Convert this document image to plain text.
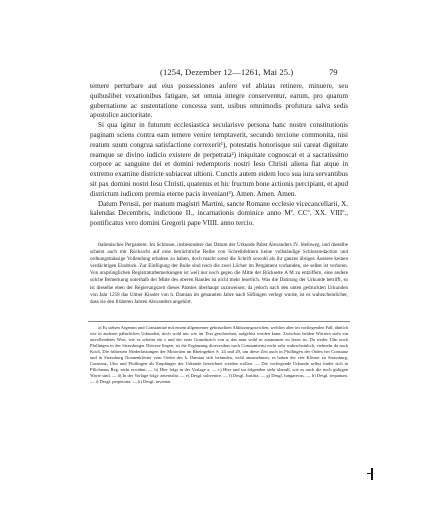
(1254, Dezember 12—1261, Mai 25.)	79

temere perturbare aut eius possessiones aufere vel ablatas retinere, minuere, seu quibuslibet vexationibus fatigare, set omnia integre conserventur, earum, pro quarum gubernatione ac sustentatione concessa sunt, usibus omnimodis profutura salva sedis apostolice auctoritate.

Si qua igitur in futurum ecclesiastica secularisve persona hanc nostre constitutionis paginam sciens contra eam temere venire temptaverit, secundo tercione commonita, nisi reatum suum congrua satisfactione correxerit¹), potestatis honorisque sui careat dignitate reamque se divino iudicio existere de perpetrata²) iniquitate cognoscat et a sacratissimo corpore ac sanguine dei et domini redemptoris nostri Iesu Christi aliena fiat atque in extremo examine districte subiaceat ultioni. Cunctis autem eidem loco sua iura servantibus sit pax domini nostri Iesu Christi, quatenus et hic fructum bone actionis percipiant, et apud districtum iudicem premia eterne pacis inveniant³). Amen. Amen. Amen.

Datum Perusii, per manum magistri Martini, sancte Romane ecclesie vicecancellarii, X. kalendas Decembris, indictione II., incarnationis dominice anno Mº. CCº. XX. VIIIº., pontificatus vero domini Gregorii pape VIIII. anno tercio.

Italienisches Pergament. Im Schlosse, insbesondere das Datum der Urkunde Pabst Alexanders IV. bleibweg, und dieselbe scheint auch mit Rücksicht auf eine beträchtliche Reihe von Schreibfehlern keine vollständige Schlussredaction und ordnungsmässige Vollendung erhalten zu haben, doch macht sonst die Schrift sowohl als ihr ganzes übriges Äussere keinen verdächtigen Eindruck. Zur Einfügung der Bulle sind noch die zwei Löcher im Pergament vorhanden, sie selbst ist verloren. Von ursprünglichen Registraturbemerkungen ist weil nur noch gegen die Mitte der Rückseite A M zu entziffern, eine andere solche Bemerkung unterhalb der Mitte des oberen Randes ist nicht mehr leserlich. Was die Datirung der Urkunde betrifft, so ist dieselbe eben der Regierungszeit dieses Pabstes überhaupt zuzuweisen; da jedoch nach den unten gedruckten Urkunden von Jahr 1258 das Ulmer Kloster von h. Damian im genannten Jahre nach Söflingen verlegt wurde, ist es wahrscheinlicher, dass sie den früheren Jahren Alexanders angehört.

a) Es stehen Argentin und Constantiae mit einem allgemeiner gebräuchten Abkürzungszeichen, welches aber im vorliegenden Fall, ähnlich wie in anderen päbstlichen Urkunden, doch wohl nur wie im Text geschrieben, aufgelöst werden kann. Zwischen beiden Wörtern steht ein unvollendetes Wort, wie es scheint ein s und der erste Grundstrich von a, das man wohl in zusammen zu lesen ist. Da weder Ulm noch Pfullingen in der Strassburger Diöcese liegen, ist die Ergänzung dioecesibus nach Constantiensi nicht sehr wahrscheinlich, vielmehr da nach Koch, Die frühesten Niederlassungen der Minoriten im Rheingebiet S. 24 und 29, um diese Zeit auch in Pfullingen der Orden bei Constanz und in Strassburg Nonnenklöster vom Orden des h. Damian sich befanden, wohl anzunehmen, es haben die vier Klöster zu Strassburg, Constanz, Ulm und Pfullingen als Empfänger der Urkunde bezeichnet werden wollen. — Die vorliegende Urkunde selbst findet sich in Pflichnaus Reg. nicht erwähnt. — b) Hier folgt in der Vorlage a. — c) Hier und im folgenden steht überall, wie es auch die noch gültigen Worte sind. — d) In der Vorlage folgt: aeternalia. — e) Desgl. subvenire. — f) Desgl. Iustitia. — g) Desgl. fungarecus. — h) Desgl. sequatum. — i) Desgl. perpetrata. — k) Desgl. inveniat.
